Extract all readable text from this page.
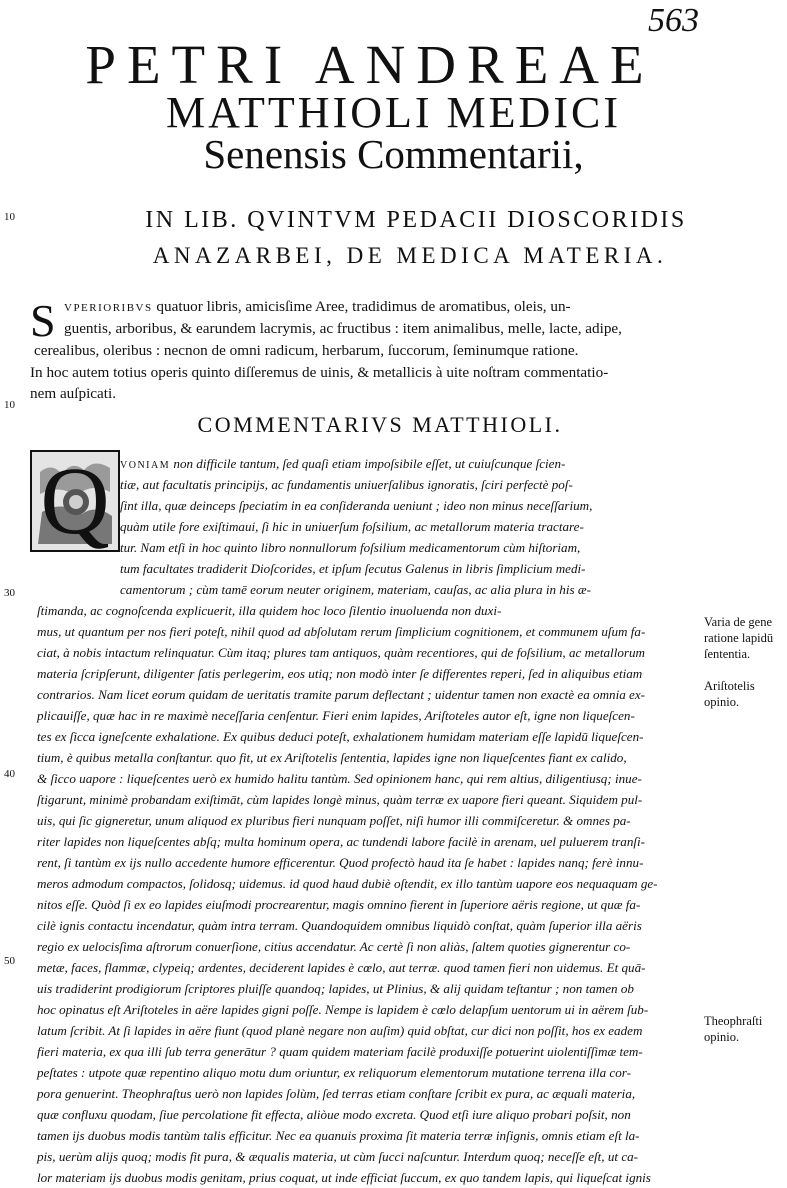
563
PETRI ANDREAE
MATTHIOLI MEDICI
Senensis Commentarii,
IN LIB. QVINTVM PEDACII DIOSCORIDIS
ANAZARBEI, DE MEDICA MATERIA.
10
10
30
40
50
S VPERIORIBVS quatuor libris, amicisſime Aree, tradidimus de aromatibus, oleis, un-
guentis, arboribus, & earundem lacrymis, ac fructibus : item animalibus, melle, lacte, adipe,
cerealibus, oleribus : necnon de omni radicum, herbarum, ſuccorum, ſeminumque ratione.
In hoc autem totius operis quinto diſſeremus de uinis, & metallicis à uite noſtram commentatio-
nem auſpicati.
COMMENTARIVS MATTHIOLI.
Q	VONIAM non difficile tantum, ſed quaſi etiam impoſsibile eſſet, ut cuiuſcunque ſcien-
tiæ, aut facultatis principijs, ac fundamentis uniuerſalibus ignoratis, ſciri perfectè poſ-
ſint illa, quæ deinceps ſpeciatim in ea conſideranda ueniunt ; ideo non minus neceſſarium,
quàm utile fore exiſtimaui, ſi hic in uniuerſum foſsilium, ac metallorum materia tractare-
tur. Nam etſi in hoc quinto libro nonnullorum foſsilium medicamentorum cùm hiſtoriam,
tum facultates tradiderit Dioſcorides, et ipſum ſecutus Galenus in libris ſimplicium medi-
camentorum ; cùm tamē eorum neuter originem, materiam, cauſas, ac alia plura in his æ-
ſtimanda, ac cognoſcenda explicuerit, illa quidem hoc loco ſilentio inuoluenda non duxi-
mus, ut quantum per nos fieri poteſt, nihil quod ad abſolutam rerum ſimplicium cognitionem, et communem uſum fa-
ciat, à nobis intactum relinquatur. Cùm itaq; plures tam antiquos, quàm recentiores, qui de foſsilium, ac metallorum
materia ſcripſerunt, diligenter ſatis perlegerim, eos utiq; non modò inter ſe differentes reperi, ſed in aliquibus etiam
contrarios. Nam licet eorum quidam de ueritatis tramite parum deflectant ; uidentur tamen non exactè ea omnia ex-
plicauiſſe, quæ hac in re maximè neceſſaria cenſentur. Fieri enim lapides, Ariſtoteles autor eſt, igne non liqueſcen-
tes ex ſicca igneſcente exhalatione. Ex quibus deduci poteſt, exhalationem humidam materiam eſſe lapidū liqueſcen-
tium, è quibus metalla conſtantur. quo fit, ut ex Ariſtotelis ſententia, lapides igne non liqueſcentes fiant ex calido,
& ſicco uapore : liqueſcentes uerò ex humido halitu tantùm. Sed opinionem hanc, qui rem altius, diligentiusq; inue-
ſtigarunt, minimè probandam exiſtimāt, cùm lapides longè minus, quàm terræ ex uapore fieri queant. Siquidem pul-
uis, qui ſic gigneretur, unum aliquod ex pluribus fieri nunquam poſſet, niſi humor illi commiſceretur. & omnes pa-
riter lapides non liqueſcentes abſq; multa hominum opera, ac tundendi labore facilè in arenam, uel puluerem tranſi-
rent, ſi tantùm ex ijs nullo accedente humore efficerentur. Quod profectò haud ita ſe habet : lapides nanq; ferè innu-
meros admodum compactos, ſolidosq; uidemus. id quod haud dubiè oſtendit, ex illo tantùm uapore eos nequaquam ge-
nitos eſſe. Quòd ſi ex eo lapides eiuſmodi procrearentur, magis omnino fierent in ſuperiore aëris regione, ut quæ fa-
cilè ignis contactu incendatur, quàm intra terram. Quandoquidem omnibus liquidò conſtat, quàm ſuperior illa aëris
regio ex uelocisſima aſtrorum conuerſione, citius accendatur. Ac certè ſi non aliàs, ſaltem quoties gignerentur co-
metæ, faces, flammæ, clypeiq; ardentes, deciderent lapides è cœlo, aut terræ. quod tamen fieri non uidemus. Et quā-
uis tradiderint prodigiorum ſcriptores pluiſſe quandoq; lapides, ut Plinius, & alij quidam teſtantur ; non tamen ob
hoc opinatus eſt Ariſtoteles in aëre lapides gigni poſſe. Nempe is lapidem è cœlo delapſum uentorum ui in aërem ſub-
latum ſcribit. At ſi lapides in aëre fiunt (quod planè negare non auſim) quid obſtat, cur dici non poſſit, hos ex eadem
fieri materia, ex qua illi ſub terra generātur ? quam quidem materiam facilè produxiſſe potuerint uiolentiſſimæ tem-
peſtates : utpote quæ repentino aliquo motu dum oriuntur, ex reliquorum elementorum mutatione terrena illa cor-
pora genuerint. Theophraſtus uerò non lapides ſolùm, ſed terras etiam conſtare ſcribit ex pura, ac æquali materia,
quæ confluxu quodam, ſiue percolatione fit effecta, aliòue modo excreta. Quod etſi iure aliquo probari poſsit, non
tamen ijs duobus modis tantùm talis efficitur. Nec ea quanuis proxima ſit materia terræ inſignis, omnis etiam eſt la-
pis, uerùm alijs quoq; modis fit pura, & æqualis materia, ut cùm ſucci naſcuntur. Interdum quoq; neceſſe eſt, ut ca-
lor materiam ijs duobus modis genitam, prius coquat, ut inde efficiat ſuccum, ex quo tandem lapis, qui liqueſcat ignis
Varia de gene
ratione lapidū
ſententia.
Ariſtotelis
opinio.
Theophraſti
opinio.
